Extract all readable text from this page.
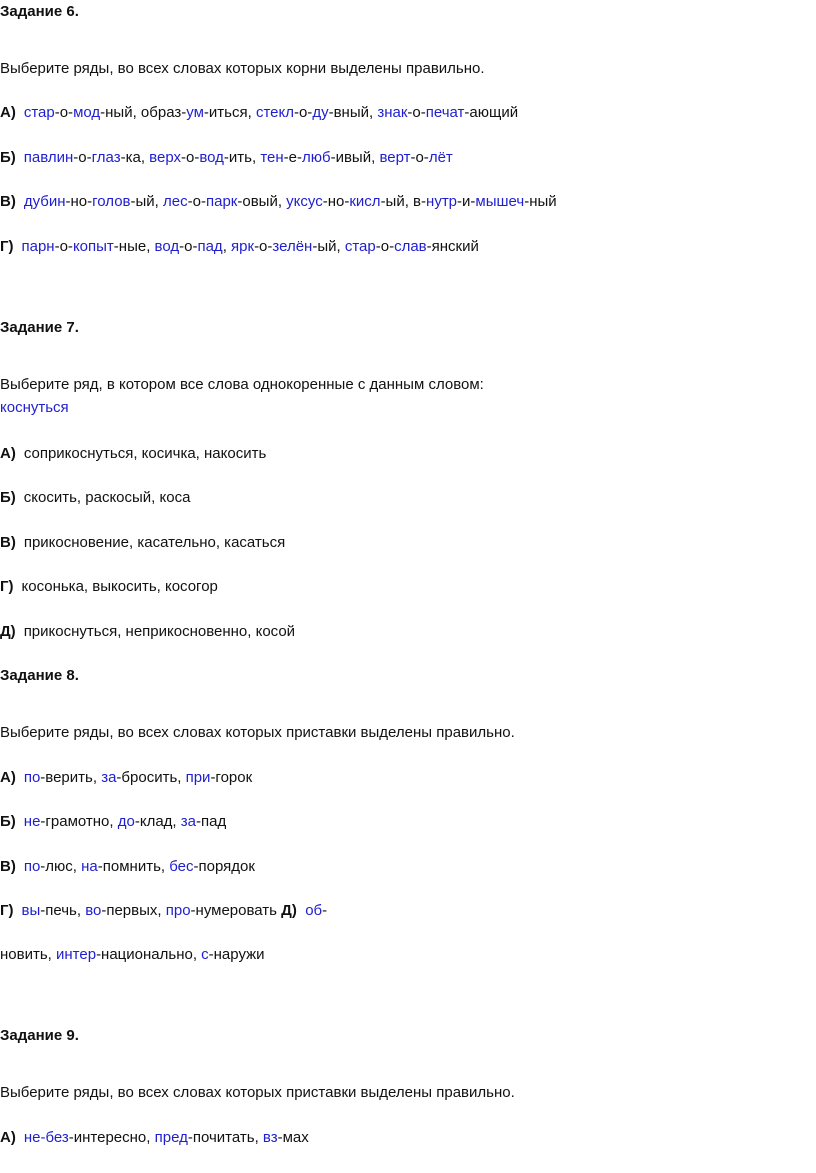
Задание 6.
Выберите ряды, во всех словах которых корни выделены правильно.
А) стар-о-мод-ный, образ-ум-иться, стекл-о-ду-вный, знак-о-печат-ающий
Б) павлин-о-глаз-ка, верх-о-вод-ить, тен-е-люб-ивый, верт-о-лёт
В) дубин-но-голов-ый, лес-о-парк-овый, уксус-но-кисл-ый, в-нутр-и-мышеч-ный
Г) парн-о-копыт-ные, вод-о-пад, ярк-о-зелён-ый, стар-о-слав-янский
Задание 7.
Выберите ряд, в котором все слова однокоренные с данным словом:
коснуться
А) соприкоснуться, косичка, накосить
Б) скосить, раскосый, коса
В) прикосновение, касательно, касаться
Г) косонька, выкосить, косогор
Д) прикоснуться, неприкосновенно, косой
Задание 8.
Выберите ряды, во всех словах которых приставки выделены правильно.
А) по-верить, за-бросить, при-горок
Б) не-грамотно, до-клад, за-пад
В) по-люс, на-помнить, бес-порядок
Г) вы-печь, во-первых, про-нумеровать Д)  об-
новить, интер-национально, с-наружи
Задание 9.
Выберите ряды, во всех словах которых приставки выделены правильно.
А) не-без-интересно, пред-почитать, вз-мах
